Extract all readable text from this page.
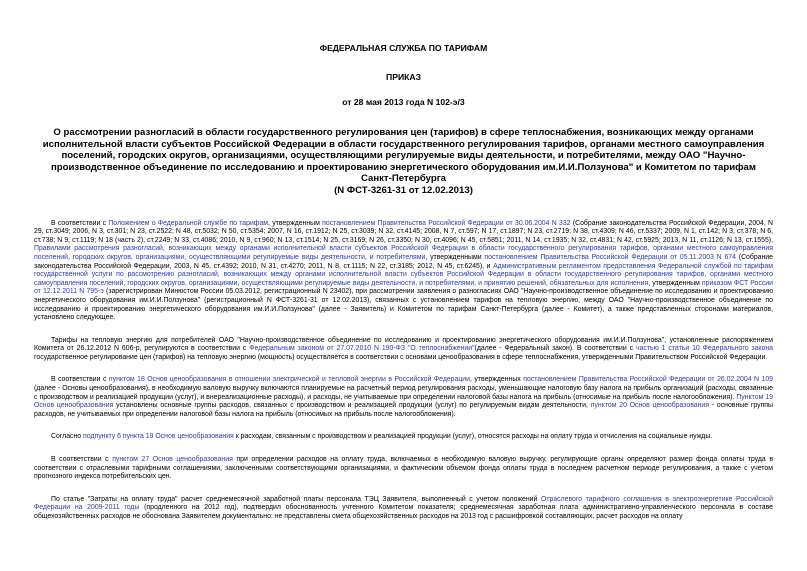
ФЕДЕРАЛЬНАЯ СЛУЖБА ПО ТАРИФАМ
ПРИКАЗ
от 28 мая 2013 года N 102-э/3
О рассмотрении разногласий в области государственного регулирования цен (тарифов) в сфере теплоснабжения, возникающих между органами исполнительной власти субъектов Российской Федерации в области государственного регулирования тарифов, органами местного самоуправления поселений, городских округов, организациями, осуществляющими регулируемые виды деятельности, и потребителями, между ОАО "Научно-производственное объединение по исследованию и проектированию энергетического оборудования им.И.И.Ползунова" и Комитетом по тарифам Санкт-Петербурга
(N ФСТ-3261-31 от 12.02.2013)

В соответствии с Положением о Федеральной службе по тарифам, утвержденным постановлением Правительства Российской Федерации от 30.06.2004 N 332 (Собрание законодательства Российской Федерации, 2004, N 29, ст.3049; 2006, N 3, ст.301; N 23, ст.2522; N 48, ст.5032; N 50, ст.5354; 2007, N 16, ст.1912; N 25, ст.3039; N 32, ст.4145; 2008, N 7, ст.597; N 17, ст.1897; N 23, ст.2719; N 38, ст.4309; N 46, ст.5337; 2009, N 1, ст.142; N 3, ст.378; N 6, ст.738; N 9, ст.1119; N 18 (часть 2), ст.2249; N 33, ст.4086; 2010, N 9, ст.960; N 13, ст.1514; N 25, ст.3169; N 26, ст.3350; N 30, ст.4096; N 45, ст.5851; 2011, N 14, ст.1935; N 32, ст.4831; N 42, ст.5925; 2013, N 11, ст.1126; N 13, ст.1555), Правилами рассмотрения разногласий, возникающих между органами исполнительной власти субъектов Российской Федерации в области государственного регулирования тарифов, органами местного самоуправления поселений, городских округов, организациями, осуществляющими регулируемые виды деятельности, и потребителями, утвержденными постановлением Правительства Российской Федерации от 05.11.2003 N 674 (Собрание законодательства Российской Федерации, 2003, N 45, ст.4392; 2010, N 31, ст.4270; 2011, N 8, ст.1115; N 22, ст.3185; 2012, N 45, ст.6245), и Административным регламентом предоставления Федеральной службой по тарифам государственной услуги по рассмотрению разногласий, возникающих между органами исполнительной власти субъектов Российской Федерации в области государственного регулирования тарифов, органами местного самоуправления поселений, городских округов, организациями, осуществляющими регулируемые виды деятельности, и потребителями, и принятию решений, обязательных для исполнения, утвержденным приказом ФСТ России от 12.12.2011 N 795-э (зарегистрирован Минюстом России 05.03.2012, регистрационный N 23402), при рассмотрении заявления о разногласиях ОАО "Научно-производственное объединение по исследованию и проектированию энергетического оборудования им.И.И.Ползунова" (регистрационный N ФСТ-3261-31 от 12.02.2013), связанных с установлением тарифов на тепловую энергию, между ОАО "Научно-производственное объединение по исследованию и проектированию энергетического оборудования им.И.И.Ползунова" (далее - Заявитель) и Комитетом по тарифам Санкт-Петербурга (далее - Комитет), а также представленных сторонами материалов, установлено следующее.

Тарифы на тепловую энергию для потребителей ОАО "Научно-производственное объединение по исследованию и проектированию энергетического оборудования им.И.И.Ползунова", установленные распоряжением Комитета от 26.12.2012 N 606-р, регулируются в соответствии с Федеральным законом от 27.07.2010 N 190-ФЗ "О теплоснабжении"(далее - Федеральный закон). В соответствии с частью 1 статьи 10 Федерального закона государственное регулирование цен (тарифов) на тепловую энергию (мощность) осуществляется в соответствии с основами ценообразования в сфере теплоснабжения, утвержденными Правительством Российской Федерации.

В соответствии с пунктом 18 Основ ценообразования в отношении электрической и тепловой энергии в Российской Федерации, утвержденных постановлением Правительства Российской Федерации от 26.02.2004 N 109 (далее - Основы ценообразования), в необходимую валовую выручку включаются планируемые на расчетный период регулирования расходы, уменьшающие налоговую базу налога на прибыль организаций (расходы, связанные с производством и реализацией продукции (услуг), и внереализационные расходы), и расходы, не учитываемые при определении налоговой базы налога на прибыль (относимые на прибыль после налогообложения). Пунктом 19 Основ ценообразования установлены основные группы расходов, связанных с производством и реализацией продукции (услуг) по регулируемым видам деятельности, пунктом 20 Основ ценообразования - основные группы расходов, не учитываемых при определении налоговой базы налога на прибыль (относимых на прибыль после налогообложения).

Согласно подпункту 6 пункта 19 Основ ценообразования к расходам, связанным с производством и реализацией продукции (услуг), относятся расходы на оплату труда и отчисления на социальные нужды.

В соответствии с пунктом 27 Основ ценообразования при определении расходов на оплату труда, включаемых в необходимую валовую выручку, регулирующие органы определяют размер фонда оплаты труда в соответствии с отраслевыми тарифными соглашениями, заключенными соответствующими организациями, и фактическим объемом фонда оплаты труда в последнем расчетном периоде регулирования, а также с учетом прогнозного индекса потребительских цен.

По статье "Затраты на оплату труда" расчет среднемесячной заработной платы персонала ТЭЦ Заявителя, выполненный с учетом положений Отраслевого тарифного соглашения в электроэнергетике Российской Федерации на 2009-2011 годы (продленного на 2012 год), подтвердил обоснованность учтенного Комитетом показателя; среднемесячная заработная плата административно-управленческого персонала в составе общехозяйственных расходов не обоснована Заявителем документально: не представлены смета общехозяйственных расходов на 2013 год с расшифровкой составляющих, расчет расходов на оплату
